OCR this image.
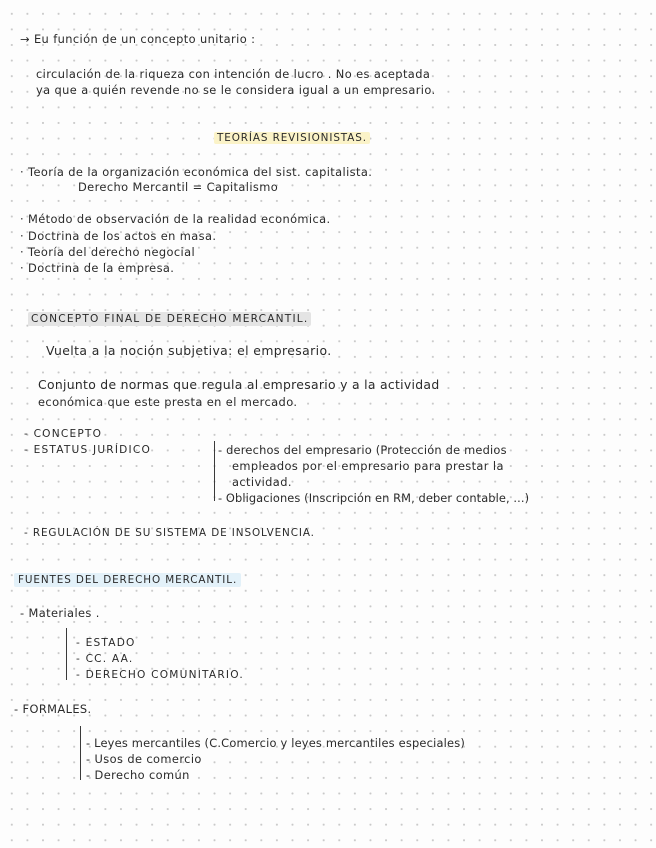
→ Eu función de un concepto unitario :
circulación de la riqueza con intención de lucro . No es aceptada
ya que a quién revende no se le considera igual a un empresario.
TEORÍAS REVISIONISTAS.
· Teoría de la organización económica del sist. capitalista.
Derecho Mercantil = Capitalismo
· Método de observación de la realidad económica.
· Doctrina de los actos en masa.
· Teoría del derecho negocial
· Doctrina de la empresa.
CONCEPTO FINAL DE DERECHO MERCANTIL.
Vuelta a la noción subjetiva: el empresario.
Conjunto de normas que regula al empresario y a la actividad
económica que este presta en el mercado.
- CONCEPTO
- ESTATUS JURÍDICO	- derechos del empresario (Protección de medios
empleados por el empresario para prestar la
actividad.
- Obligaciones (Inscripción en RM, deber contable, ...)
- REGULACIÓN DE SU SISTEMA DE INSOLVENCIA.
FUENTES DEL DERECHO MERCANTIL.
- Materiales .
- ESTADO
- CC. AA.
- DERECHO COMUNITARIO.
- FORMALES.
- Leyes mercantiles (C.Comercio y leyes mercantiles especiales)
- Usos de comercio
- Derecho común
